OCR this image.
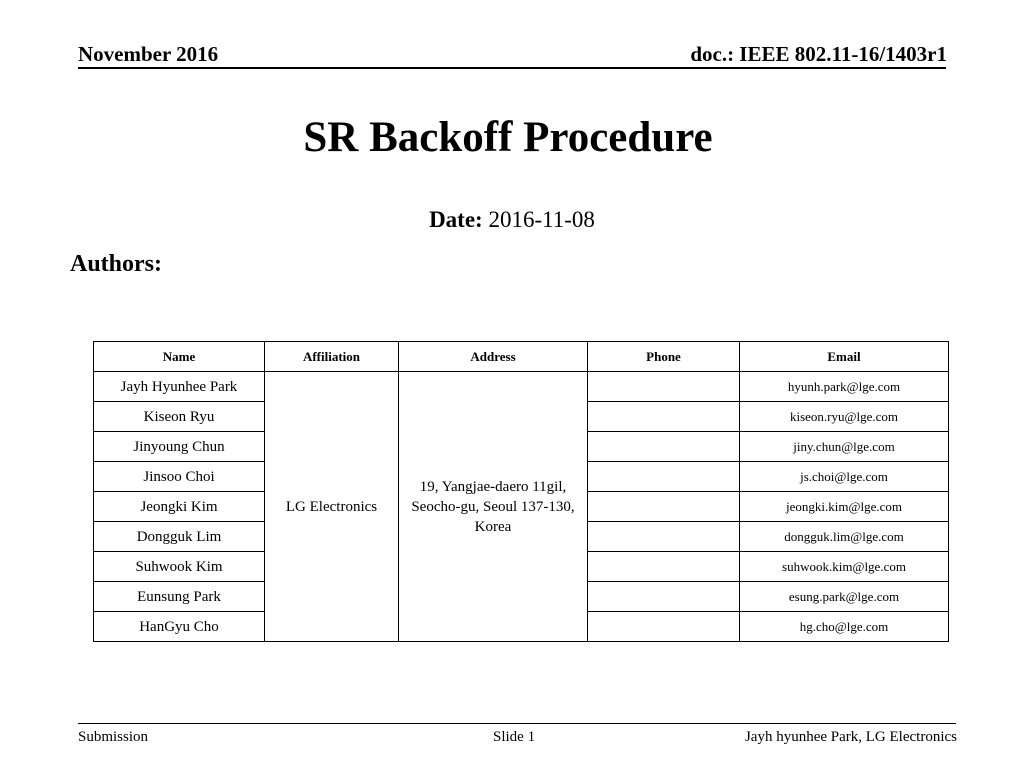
November 2016	doc.: IEEE 802.11-16/1403r1
SR Backoff Procedure
Date: 2016-11-08
Authors:
Name	Affiliation	Address	Phone	Email
Jayh Hyunhee Park	LG Electronics	19, Yangjae-daero 11gil, Seocho-gu, Seoul 137-130, Korea		hyunh.park@lge.com
Kiseon Ryu				kiseon.ryu@lge.com
Jinyoung Chun				jiny.chun@lge.com
Jinsoo Choi				js.choi@lge.com
Jeongki Kim				jeongki.kim@lge.com
Dongguk Lim				dongguk.lim@lge.com
Suhwook Kim				suhwook.kim@lge.com
Eunsung Park				esung.park@lge.com
HanGyu Cho				hg.cho@lge.com
Submission	Slide 1	Jayh hyunhee Park, LG Electronics
